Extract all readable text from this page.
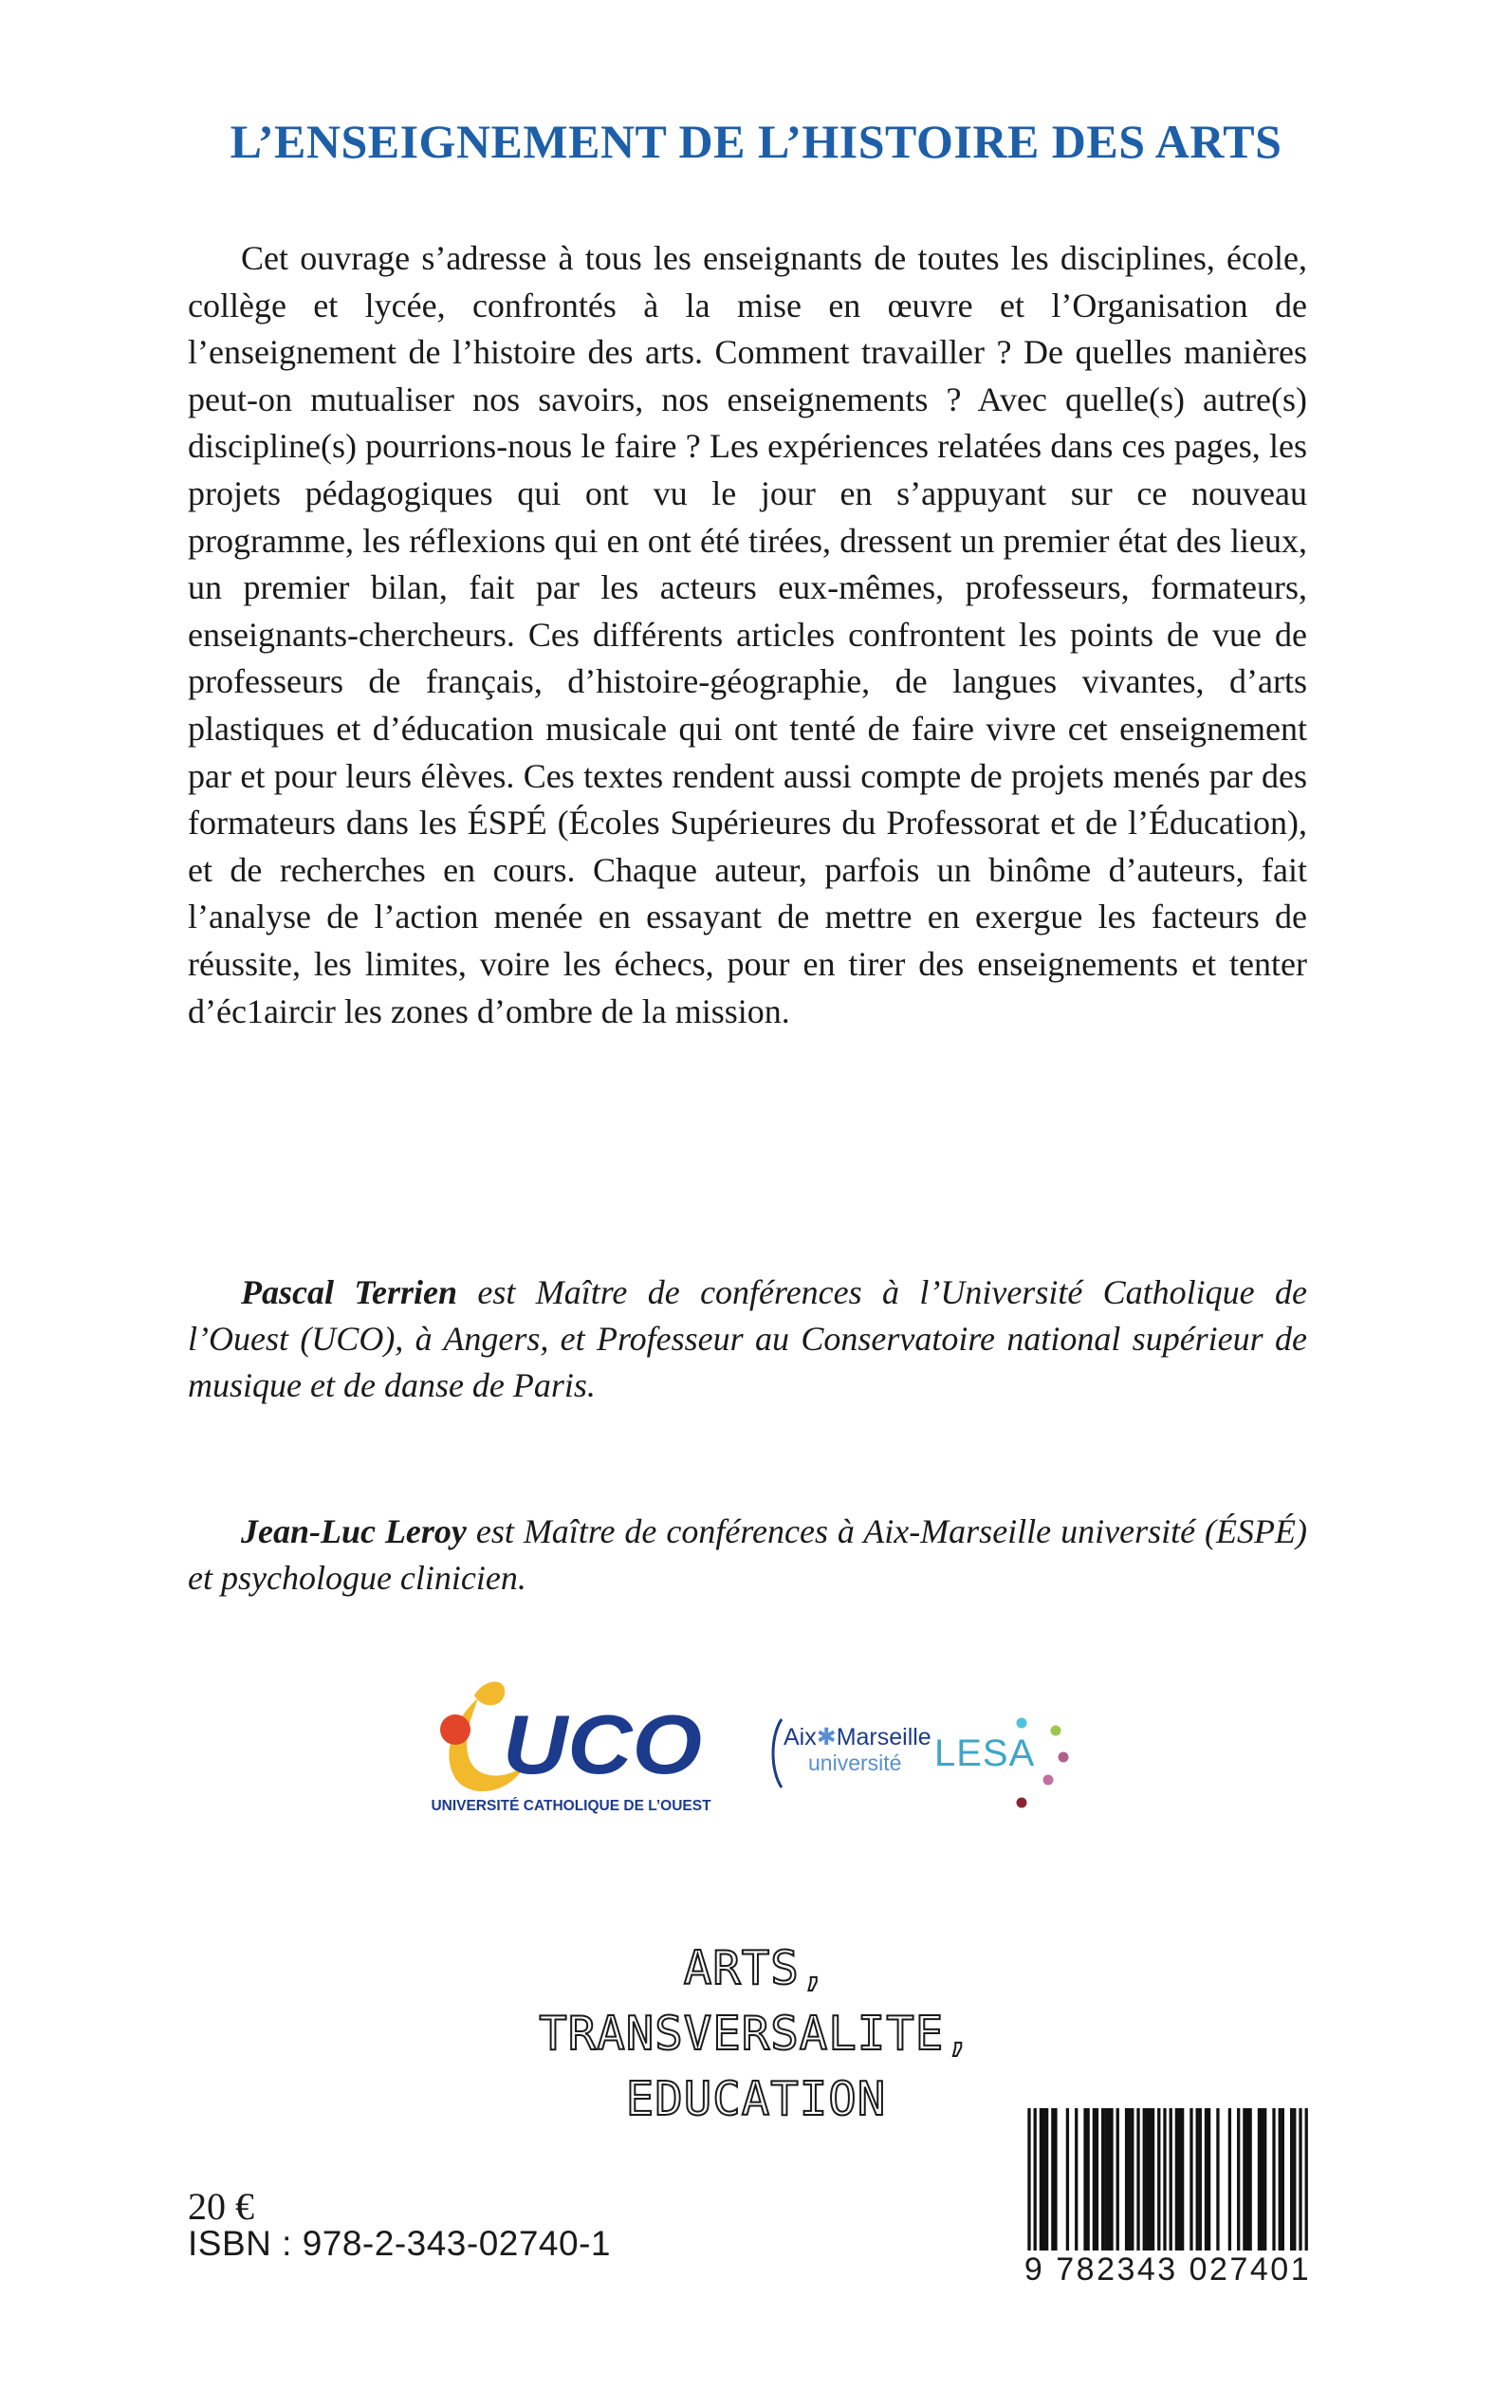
L’ENSEIGNEMENT DE L’HISTOIRE DES ARTS

Cet ouvrage s’adresse à tous les enseignants de toutes les disciplines, école, collège et lycée, confrontés à la mise en œuvre et l’Organisation de l’enseignement de l’histoire des arts. Comment travailler ? De quelles manières peut-on mutualiser nos savoirs, nos enseignements ? Avec quelle(s) autre(s) discipline(s) pourrions-nous le faire ? Les expériences relatées dans ces pages, les projets pédagogiques qui ont vu le jour en s’appuyant sur ce nouveau programme, les réflexions qui en ont été tirées, dressent un premier état des lieux, un premier bilan, fait par les acteurs eux-mêmes, professeurs, formateurs, enseignants-chercheurs. Ces différents articles confrontent les points de vue de professeurs de français, d’histoire-géographie, de langues vivantes, d’arts plastiques et d’éducation musicale qui ont tenté de faire vivre cet enseignement par et pour leurs élèves. Ces textes rendent aussi compte de projets menés par des formateurs dans les ÉSPÉ (Écoles Supérieures du Professorat et de l’Éducation), et de recherches en cours. Chaque auteur, parfois un binôme d’auteurs, fait l’analyse de l’action menée en essayant de mettre en exergue les facteurs de réussite, les limites, voire les échecs, pour en tirer des enseignements et tenter d’éc1aircir les zones d’ombre de la mission.

Pascal Terrien est Maître de conférences à l’Université Catholique de l’Ouest (UCO), à Angers, et Professeur au Conservatoire national supérieur de musique et de danse de Paris.

Jean-Luc Leroy est Maître de conférences à Aix-Marseille université (ÉSPÉ) et psychologue clinicien.

UCO
UNIVERSITÉ CATHOLIQUE DE L’OUEST
Aix✱Marseille
université LESA
ARTS,
TRANSVERSALITE,
EDUCATION
20 €
ISBN : 978-2-343-02740-1
9 782343 027401
